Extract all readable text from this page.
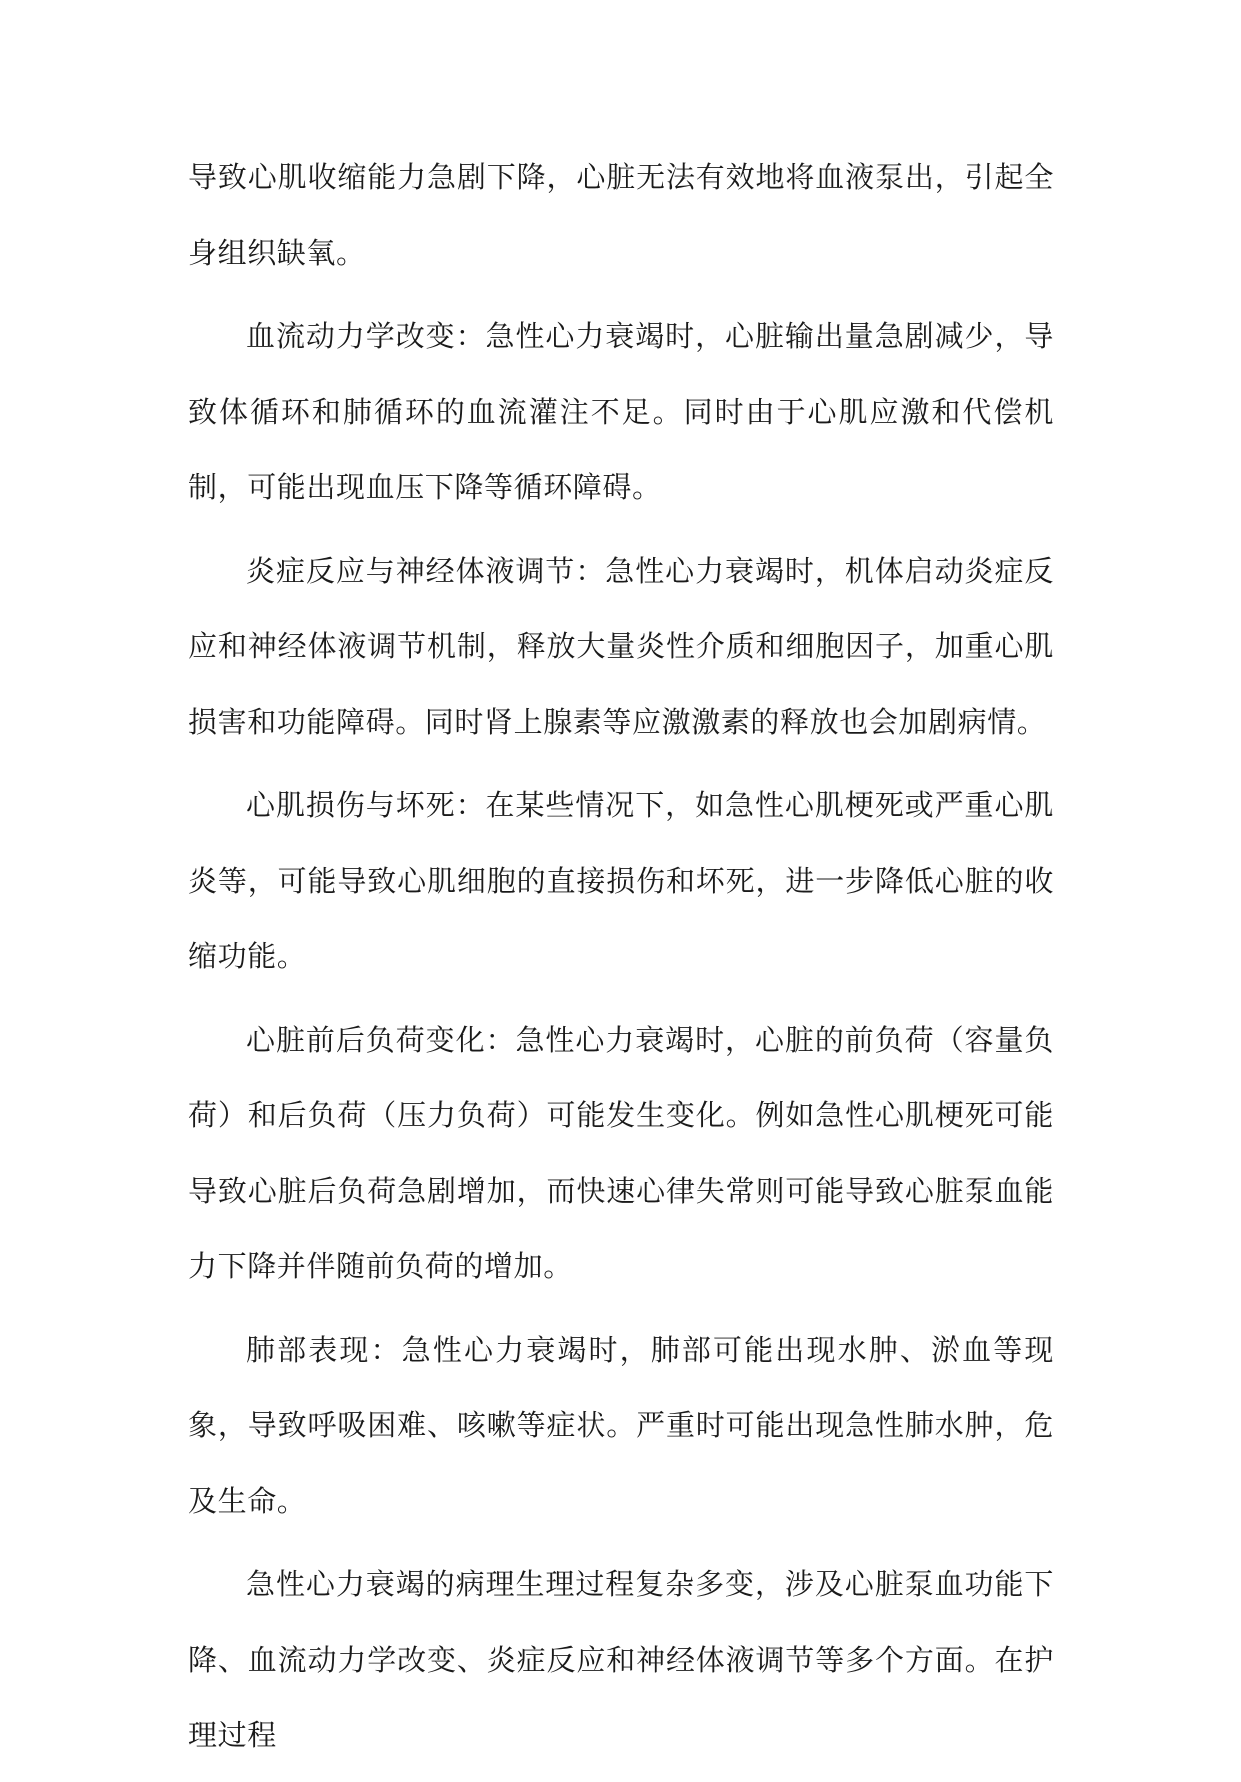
导致心肌收缩能力急剧下降，心脏无法有效地将血液泵出，引起全身组织缺氧。

血流动力学改变：急性心力衰竭时，心脏输出量急剧减少，导致体循环和肺循环的血流灌注不足。同时由于心肌应激和代偿机制，可能出现血压下降等循环障碍。

炎症反应与神经体液调节：急性心力衰竭时，机体启动炎症反应和神经体液调节机制，释放大量炎性介质和细胞因子，加重心肌损害和功能障碍。同时肾上腺素等应激激素的释放也会加剧病情。

心肌损伤与坏死：在某些情况下，如急性心肌梗死或严重心肌炎等，可能导致心肌细胞的直接损伤和坏死，进一步降低心脏的收缩功能。

心脏前后负荷变化：急性心力衰竭时，心脏的前负荷（容量负荷）和后负荷（压力负荷）可能发生变化。例如急性心肌梗死可能导致心脏后负荷急剧增加，而快速心律失常则可能导致心脏泵血能力下降并伴随前负荷的增加。

肺部表现：急性心力衰竭时，肺部可能出现水肿、淤血等现象，导致呼吸困难、咳嗽等症状。严重时可能出现急性肺水肿，危及生命。

急性心力衰竭的病理生理过程复杂多变，涉及心脏泵血功能下降、血流动力学改变、炎症反应和神经体液调节等多个方面。在护理过程
